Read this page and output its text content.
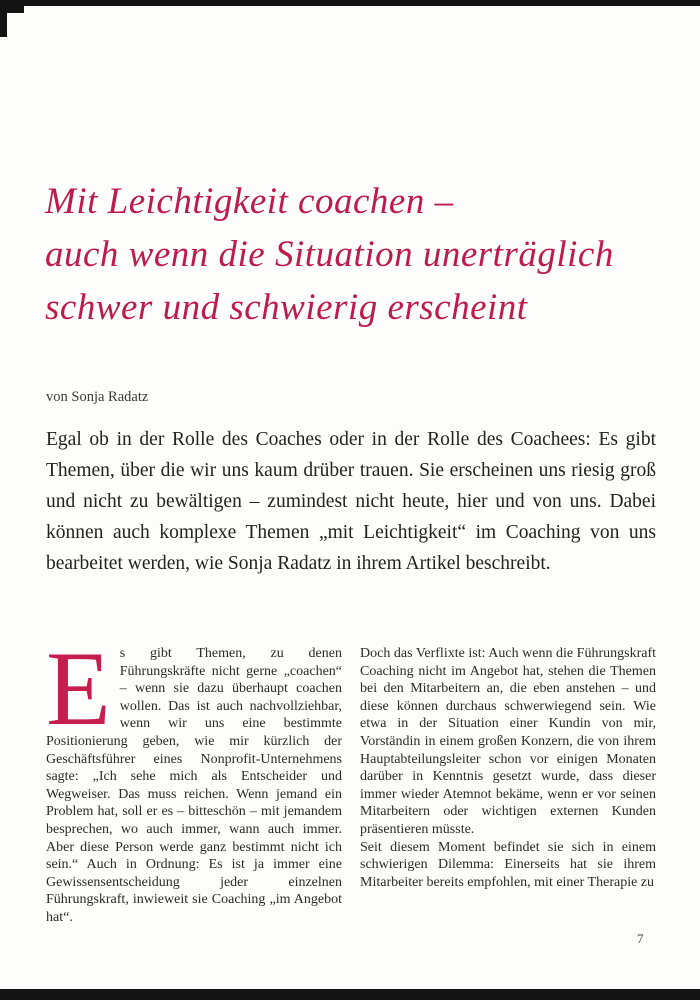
Mit Leichtigkeit coachen –
auch wenn die Situation unerträglich
schwer und schwierig erscheint
von Sonja Radatz
Egal ob in der Rolle des Coaches oder in der Rolle des Coachees: Es gibt Themen, über die wir uns kaum drüber trauen. Sie erscheinen uns riesig groß und nicht zu bewältigen – zumindest nicht heute, hier und von uns. Dabei können auch komplexe Themen „mit Leichtigkeit“ im Coaching von uns bearbeitet werden, wie Sonja Radatz in ihrem Artikel beschreibt.

Es gibt Themen, zu denen Führungskräfte nicht gerne „coachen“ – wenn sie dazu überhaupt coachen wollen. Das ist auch nachvollziehbar, wenn wir uns eine bestimmte Positionierung geben, wie mir kürzlich der Geschäftsführer eines Nonprofit-Unternehmens sagte: „Ich sehe mich als Entscheider und Wegweiser. Das muss reichen. Wenn jemand ein Problem hat, soll er es – bitteschön – mit jemandem besprechen, wo auch immer, wann auch immer. Aber diese Person werde ganz bestimmt nicht ich sein.“ Auch in Ordnung: Es ist ja immer eine Gewissensentscheidung jeder einzelnen Führungskraft, inwieweit sie Coaching „im Angebot hat“.

Doch das Verflixte ist: Auch wenn die Führungskraft Coaching nicht im Angebot hat, stehen die Themen bei den Mitarbeitern an, die eben anstehen – und diese können durchaus schwerwiegend sein. Wie etwa in der Situation einer Kundin von mir, Vorständin in einem großen Konzern, die von ihrem Hauptabteilungsleiter schon vor einigen Monaten darüber in Kenntnis gesetzt wurde, dass dieser immer wieder Atemnot bekäme, wenn er vor seinen Mitarbeitern oder wichtigen externen Kunden präsentieren müsste.

Seit diesem Moment befindet sie sich in einem schwierigen Dilemma: Einerseits hat sie ihrem Mitarbeiter bereits empfohlen, mit einer Therapie zu

7
